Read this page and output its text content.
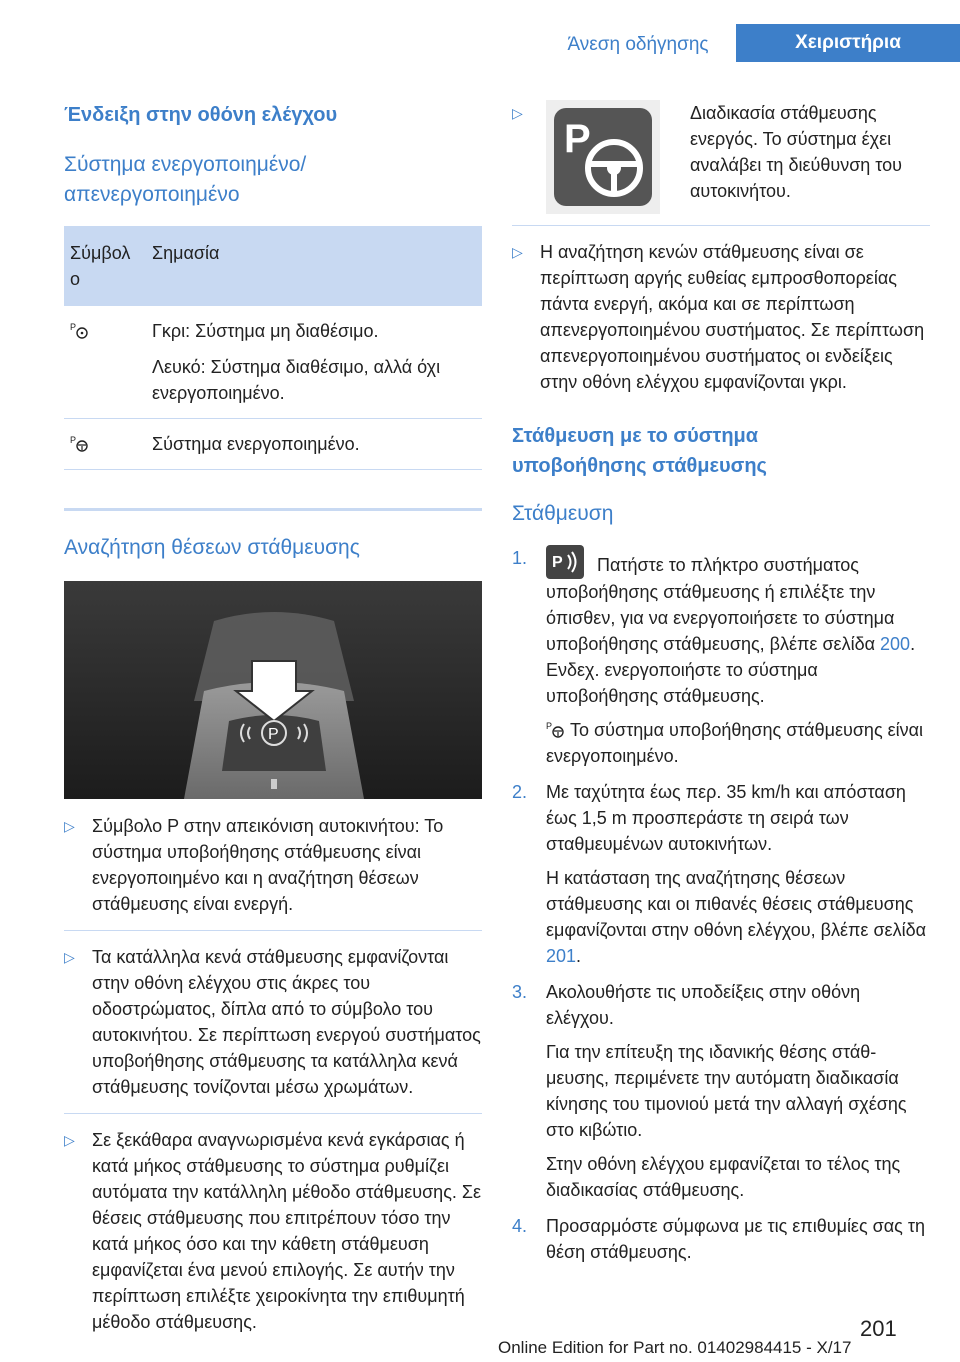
Άνεση οδήγησης	Χειριστήρια
Ένδειξη στην οθόνη ελέγχου
Σύστημα ενεργοποιημένο/ απενεργοποιημένο
Σύμβολο	Σημασία

P	Γκρι: Σύστημα μη διαθέσιμο.

Λευκό: Σύστημα διαθέσιμο, αλλά όχι ενεργοποιημένο.

P	Σύστημα ενεργοποιημένο.
Αναζήτηση θέσεων στάθμευσης
P
▷ Σύμβολο P στην απεικόνιση αυτοκινήτου: Το σύστημα υποβοήθησης στάθμευσης είναι ενεργοποιημένο και η αναζήτηση θέσεων στάθμευσης είναι ενεργή.
▷ Τα κατάλληλα κενά στάθμευσης εμφανίζονται στην οθόνη ελέγχου στις άκρες του οδοστρώματος, δίπλα από το σύμβολο του αυτοκινήτου. Σε περίπτωση ενεργού συστήματος υποβοήθησης στάθμευσης τα κατάλληλα κενά στάθμευσης τονίζονται μέσω χρωμάτων.
▷ Σε ξεκάθαρα αναγνωρισμένα κενά εγκάρσιας ή κατά μήκος στάθμευσης το σύστημα ρυθμίζει αυτόματα την κατάλληλη μέθοδο στάθμευσης. Σε θέσεις στάθμευσης που επιτρέπουν τόσο την κατά μήκος όσο και την κάθετη στάθμευση εμφανίζεται ένα μενού επιλογής. Σε αυτήν την περίπτωση επιλέξτε χειροκίνητα την επιθυμητή μέθοδο στάθμευσης.
▷
P
Διαδικασία στάθμευσης ενεργός. Το σύστημα έχει αναλάβει τη διεύθυνση του αυτοκινήτου.
▷ Η αναζήτηση κενών στάθμευσης είναι σε περίπτωση αργής ευθείας εμπροσθοπορείας πάντα ενεργή, ακόμα και σε περίπτωση απενεργοποιημένου συστήματος. Σε περίπτωση απενεργοποιημένου συστήματος οι ενδείξεις στην οθόνη ελέγχου εμφανίζονται γκρι.
Στάθμευση με το σύστημα υποβοήθησης στάθμευσης
Στάθμευση
1. P Πατήστε το πλήκτρο συστήματος υποβοήθησης στάθμευσης ή επιλέξτε την όπισθεν, για να ενεργοποιήσετε το σύστημα υποβοήθησης στάθμευσης, βλέπε σελίδα 200. Ενδεχ. ενεργοποιήστε το σύστημα υποβοήθησης στάθμευσης.

P Το σύστημα υποβοήθησης στάθμευσης είναι ενεργοποιημένο.

2. Με ταχύτητα έως περ. 35 km/h και απόσταση έως 1,5 m προσπεράστε τη σειρά των σταθμευμένων αυτοκινήτων.

Η κατάσταση της αναζήτησης θέσεων στάθμευσης και οι πιθανές θέσεις στάθμευσης εμφανίζονται στην οθόνη ελέγχου, βλέπε σελίδα 201.

3. Ακολουθήστε τις υποδείξεις στην οθόνη ελέγχου.

Για την επίτευξη της ιδανικής θέσης στάθμευσης, περιμένετε την αυτόματη διαδικασία κίνησης του τιμονιού μετά την αλλαγή σχέσης στο κιβώτιο.

Στην οθόνη ελέγχου εμφανίζεται το τέλος της διαδικασίας στάθμευσης.

4. Προσαρμόστε σύμφωνα με τις επιθυμίες σας τη θέση στάθμευσης.

201
Online Edition for Part no. 01402984415 - X/17
